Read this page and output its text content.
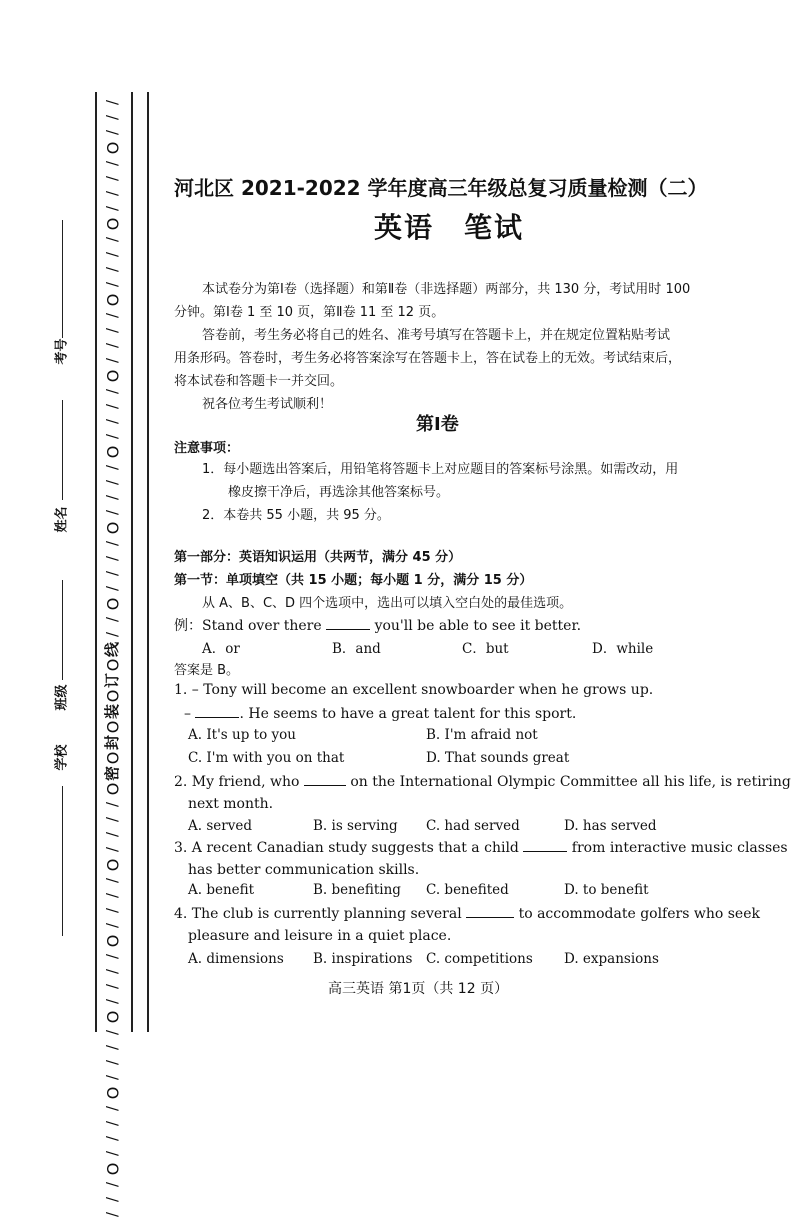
/
/
/
O
/
/
/
/
O
/
/
/
/
O
/
/
/
/
O
/
/
/
/
O
/
/
/
/
O
/
/
/
/
O
/
/
线
O
订
O
装
O
封
O
密
O
/
/
/
/
O
/
/
/
/
O
/
/
/
/
O
/
/
/
/
O
/
/
/
/
O
/
/
/
考号
姓名
班级
学校
河北区 2021-2022 学年度高三年级总复习质量检测（二）
英语　笔试
本试卷分为第Ⅰ卷（选择题）和第Ⅱ卷（非选择题）两部分，共 130 分，考试用时 100
分钟。第Ⅰ卷 1 至 10 页，第Ⅱ卷 11 至 12 页。
答卷前，考生务必将自己的姓名、准考号填写在答题卡上，并在规定位置粘贴考试
用条形码。答卷时，考生务必将答案涂写在答题卡上，答在试卷上的无效。考试结束后，
将本试卷和答题卡一并交回。
祝各位考生考试顺利！
第Ⅰ卷
注意事项：
1．每小题选出答案后，用铅笔将答题卡上对应题目的答案标号涂黑。如需改动，用
橡皮擦干净后，再选涂其他答案标号。
2．本卷共 55 小题，共 95 分。
第一部分：英语知识运用（共两节，满分 45 分）
第一节：单项填空（共 15 小题；每小题 1 分，满分 15 分）
从 A、B、C、D 四个选项中，选出可以填入空白处的最佳选项。
例：Stand over there	you'll be able to see it better.
A．or	B．and	C．but	D．while
答案是 B。
1. – Tony will become an excellent snowboarder when he grows up.
–	. He seems to have a great talent for this sport.
A. It's up to you	B. I'm afraid not
C. I'm with you on that	D. That sounds great
2. My friend, who	on the International Olympic Committee all his life, is retiring
next month.
A. served	B. is serving C. had served	D. has served
3. A recent Canadian study suggests that a child	from interactive music classes
has better communication skills.
A. benefit	B. benefiting C. benefited	D. to benefit
4. The club is currently planning several	to accommodate golfers who seek
pleasure and leisure in a quiet place.
A. dimensions B. inspirations C. competitions D. expansions
高三英语 第1页（共 12 页）
